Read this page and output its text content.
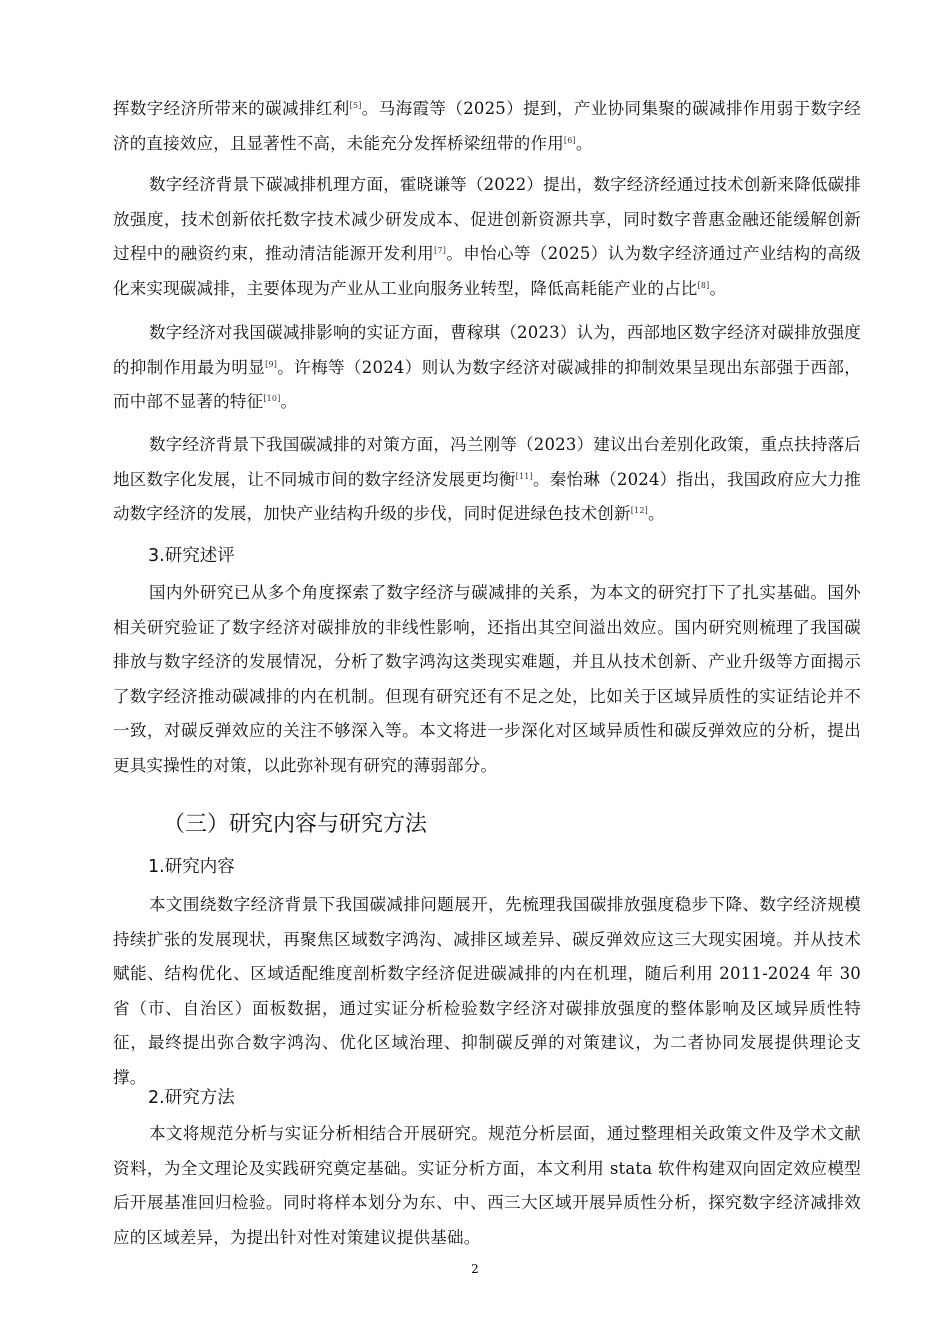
挥数字经济所带来的碳减排红利[5]。马海霞等（2025）提到，产业协同集聚的碳减排作用弱于数字经济的直接效应，且显著性不高，未能充分发挥桥梁纽带的作用[6]。

数字经济背景下碳减排机理方面，霍晓谦等（2022）提出，数字经济经通过技术创新来降低碳排放强度，技术创新依托数字技术减少研发成本、促进创新资源共享，同时数字普惠金融还能缓解创新过程中的融资约束，推动清洁能源开发利用[7]。申怡心等（2025）认为数字经济通过产业结构的高级化来实现碳减排，主要体现为产业从工业向服务业转型，降低高耗能产业的占比[8]。

数字经济对我国碳减排影响的实证方面，曹稼琪（2023）认为，西部地区数字经济对碳排放强度的抑制作用最为明显[9]。许梅等（2024）则认为数字经济对碳减排的抑制效果呈现出东部强于西部，而中部不显著的特征[10]。

数字经济背景下我国碳减排的对策方面，冯兰刚等（2023）建议出台差别化政策，重点扶持落后地区数字化发展，让不同城市间的数字经济发展更均衡[11]。秦怡琳（2024）指出，我国政府应大力推动数字经济的发展，加快产业结构升级的步伐，同时促进绿色技术创新[12]。

3.研究述评

国内外研究已从多个角度探索了数字经济与碳减排的关系，为本文的研究打下了扎实基础。国外相关研究验证了数字经济对碳排放的非线性影响，还指出其空间溢出效应。国内研究则梳理了我国碳排放与数字经济的发展情况，分析了数字鸿沟这类现实难题，并且从技术创新、产业升级等方面揭示了数字经济推动碳减排的内在机制。但现有研究还有不足之处，比如关于区域异质性的实证结论并不一致，对碳反弹效应的关注不够深入等。本文将进一步深化对区域异质性和碳反弹效应的分析，提出更具实操性的对策，以此弥补现有研究的薄弱部分。

（三）研究内容与研究方法
1.研究内容

本文围绕数字经济背景下我国碳减排问题展开，先梳理我国碳排放强度稳步下降、数字经济规模持续扩张的发展现状，再聚焦区域数字鸿沟、减排区域差异、碳反弹效应这三大现实困境。并从技术赋能、结构优化、区域适配维度剖析数字经济促进碳减排的内在机理，随后利用 2011-2024 年 30 省（市、自治区）面板数据，通过实证分析检验数字经济对碳排放强度的整体影响及区域异质性特征，最终提出弥合数字鸿沟、优化区域治理、抑制碳反弹的对策建议，为二者协同发展提供理论支撑。

2.研究方法

本文将规范分析与实证分析相结合开展研究。规范分析层面，通过整理相关政策文件及学术文献资料，为全文理论及实践研究奠定基础。实证分析方面，本文利用 stata 软件构建双向固定效应模型后开展基准回归检验。同时将样本划分为东、中、西三大区域开展异质性分析，探究数字经济减排效应的区域差异，为提出针对性对策建议提供基础。

2
